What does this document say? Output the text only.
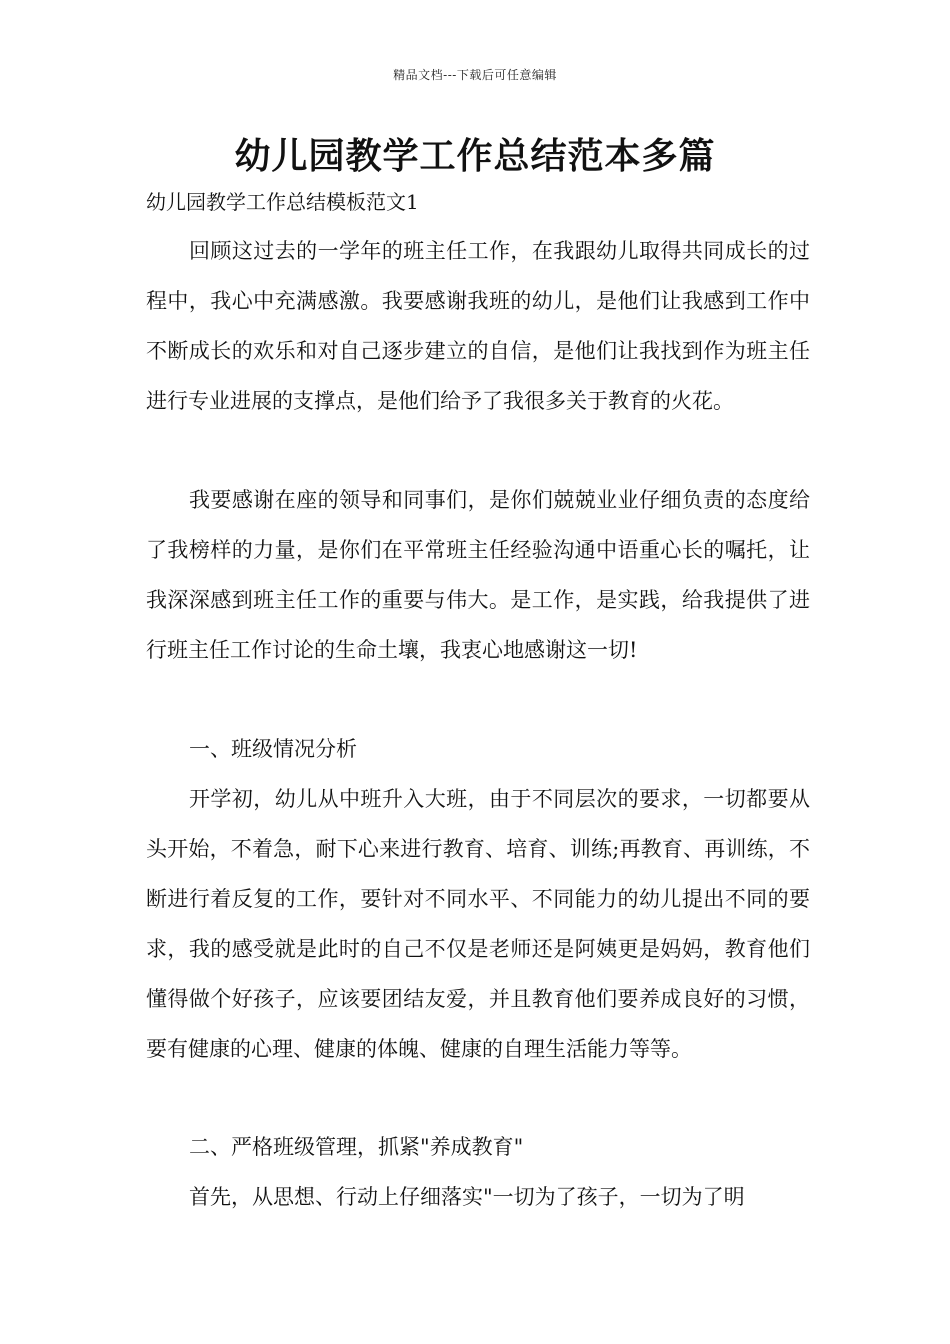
精品文档---下载后可任意编辑
幼儿园教学工作总结范本多篇
幼儿园教学工作总结模板范文1

回顾这过去的一学年的班主任工作，在我跟幼儿取得共同成长的过程中，我心中充满感激。我要感谢我班的幼儿，是他们让我感到工作中不断成长的欢乐和对自己逐步建立的自信，是他们让我找到作为班主任进行专业进展的支撑点，是他们给予了我很多关于教育的火花。

我要感谢在座的领导和同事们，是你们兢兢业业仔细负责的态度给了我榜样的力量，是你们在平常班主任经验沟通中语重心长的嘱托，让我深深感到班主任工作的重要与伟大。是工作，是实践，给我提供了进行班主任工作讨论的生命土壤，我衷心地感谢这一切!

一、班级情况分析

开学初，幼儿从中班升入大班，由于不同层次的要求，一切都要从头开始，不着急，耐下心来进行教育、培育、训练;再教育、再训练，不断进行着反复的工作，要针对不同水平、不同能力的幼儿提出不同的要求，我的感受就是此时的自己不仅是老师还是阿姨更是妈妈，教育他们懂得做个好孩子，应该要团结友爱，并且教育他们要养成良好的习惯，要有健康的心理、健康的体魄、健康的自理生活能力等等。

二、严格班级管理，抓紧"养成教育"

首先，从思想、行动上仔细落实"一切为了孩子，一切为了明
